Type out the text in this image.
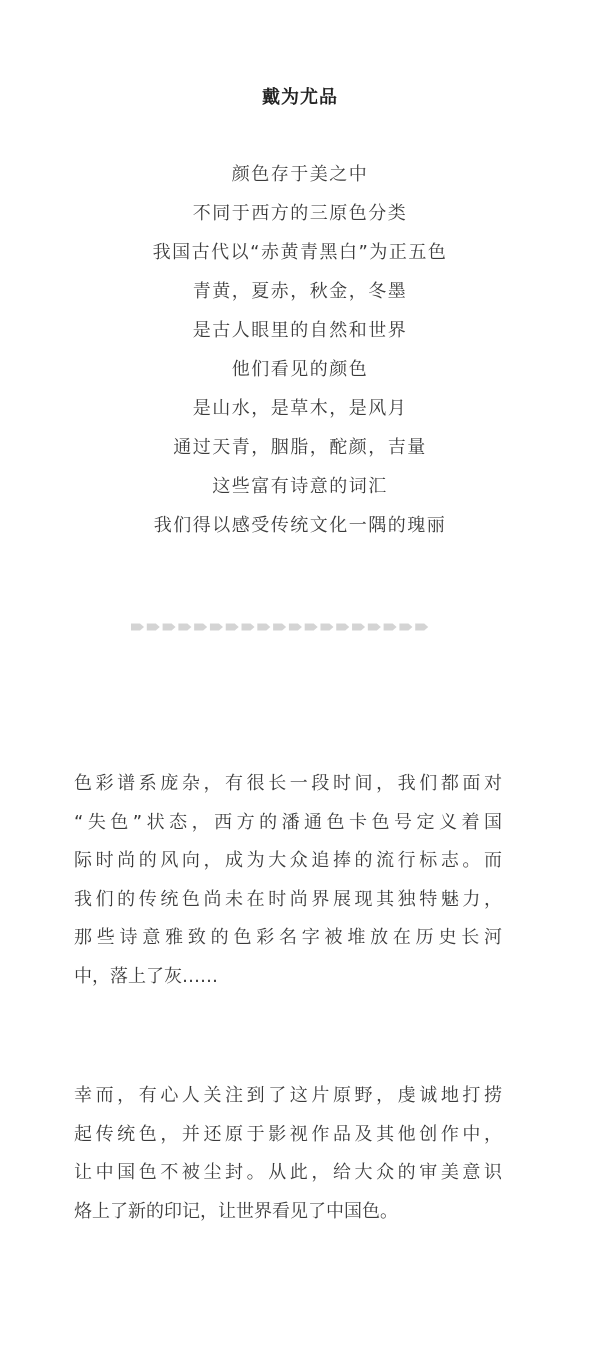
戴为尤品
颜色存于美之中
不同于西方的三原色分类
我国古代以“赤黄青黑白”为正五色
青黄，夏赤，秋金，冬墨
是古人眼里的自然和世界
他们看见的颜色
是山水，是草木，是风月
通过天青，胭脂，酡颜，吉量
这些富有诗意的词汇
我们得以感受传统文化一隅的瑰丽
色彩谱系庞杂，有很长一段时间，我们都面对
“失色”状态，西方的潘通色卡色号定义着国
际时尚的风向，成为大众追捧的流行标志。而
我们的传统色尚未在时尚界展现其独特魅力，
那些诗意雅致的色彩名字被堆放在历史长河
中，落上了灰……
幸而，有心人关注到了这片原野，虔诚地打捞
起传统色，并还原于影视作品及其他创作中，
让中国色不被尘封。从此，给大众的审美意识
烙上了新的印记，让世界看见了中国色。
